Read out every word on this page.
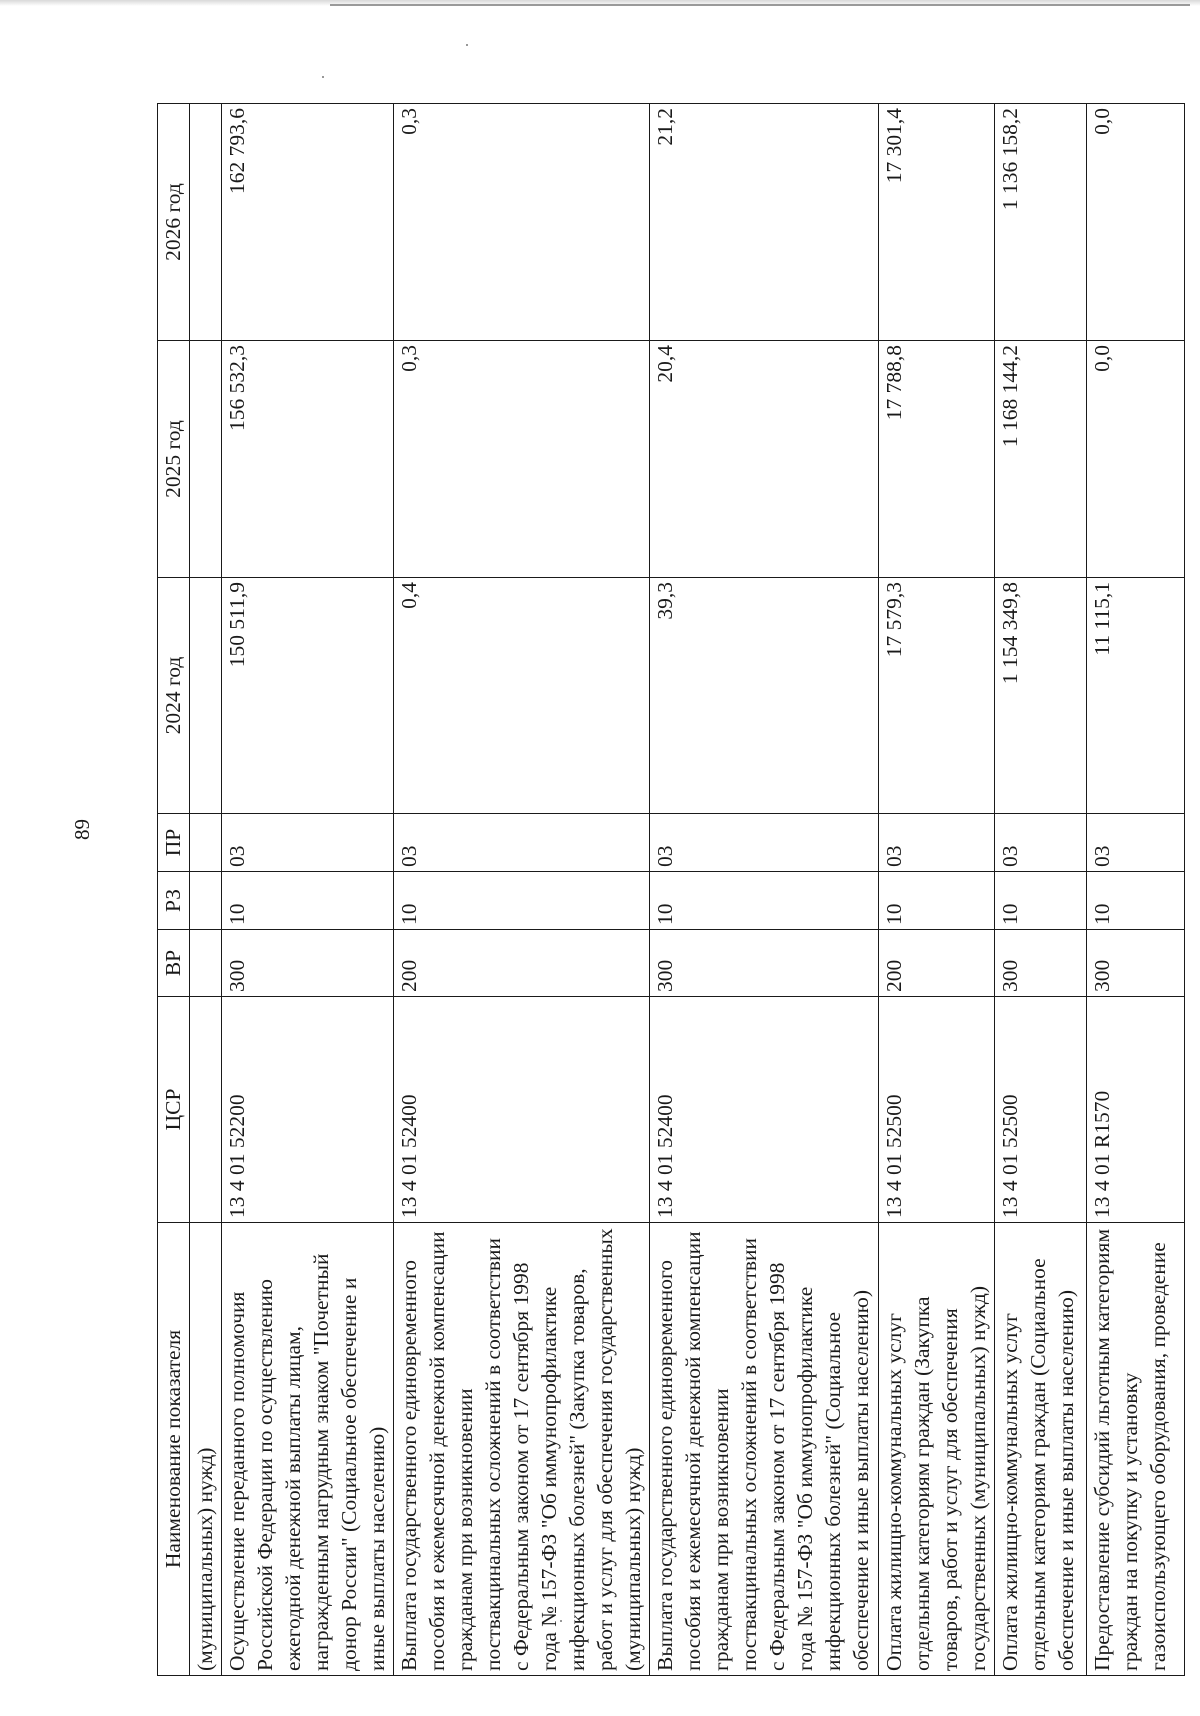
89
Наименование показателя	ЦСР	ВР	РЗ	ПР	2024 год	2025 год	2026 год
(муниципальных) нужд)							
Осуществление переданного полномочия Российской Федерации по осуществлению ежегодной денежной выплаты лицам, награжденным нагрудным знаком "Почетный донор России" (Социальное обеспечение и иные выплаты населению)	13 4 01 52200	300	10	03	150 511,9	156 532,3	162 793,6
Выплата государственного единовременного пособия и ежемесячной денежной компенсации гражданам при возникновении поствакцинальных осложнений в соответствии с Федеральным законом от 17 сентября 1998 года № 157-ФЗ "Об иммунопрофилактике инфекционных болезней" (Закупка товаров, работ и услуг для обеспечения государственных (муниципальных) нужд)	13 4 01 52400	200	10	03	0,4	0,3	0,3
Выплата государственного единовременного пособия и ежемесячной денежной компенсации гражданам при возникновении поствакцинальных осложнений в соответствии с Федеральным законом от 17 сентября 1998 года № 157-ФЗ "Об иммунопрофилактике инфекционных болезней" (Социальное обеспечение и иные выплаты населению)	13 4 01 52400	300	10	03	39,3	20,4	21,2
Оплата жилищно-коммунальных услуг отдельным категориям граждан (Закупка товаров, работ и услуг для обеспечения государственных (муниципальных) нужд)	13 4 01 52500	200	10	03	17 579,3	17 788,8	17 301,4
Оплата жилищно-коммунальных услуг отдельным категориям граждан (Социальное обеспечение и иные выплаты населению)	13 4 01 52500	300	10	03	1 154 349,8	1 168 144,2	1 136 158,2
Предоставление субсидий льготным категориям граждан на покупку и установку газоиспользующего оборудования, проведение	13 4 01 R1570	300	10	03	11 115,1	0,0	0,0
